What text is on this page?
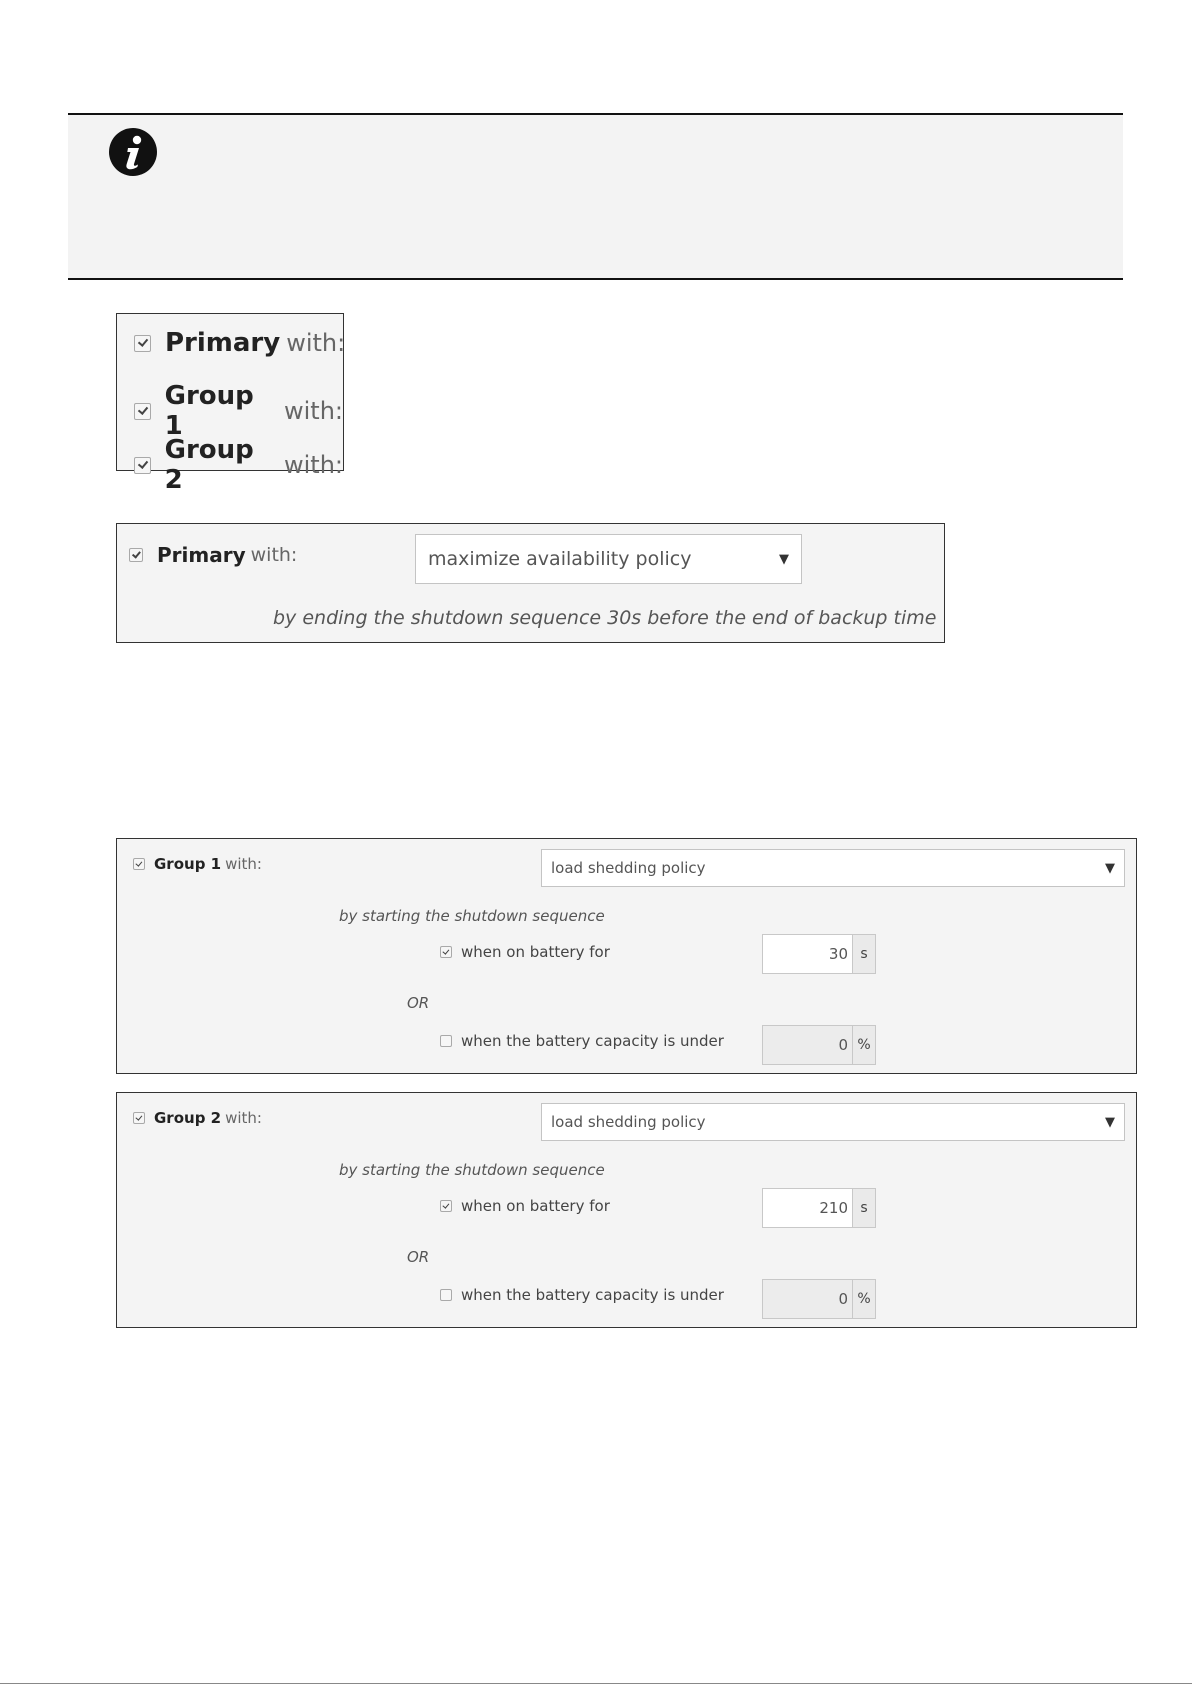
Primary with:
Group 1	with:
Group 2	with:
Primary with:	maximize availability policy	▼
by ending the shutdown sequence 30s before the end of backup time
Group 1 with:	load shedding policy	▼
by starting the shutdown sequence
when on battery for	30 s
OR
when the battery capacity is under	0 %
Group 2 with:	load shedding policy	▼
by starting the shutdown sequence
when on battery for	210 s
OR
when the battery capacity is under	0 %
